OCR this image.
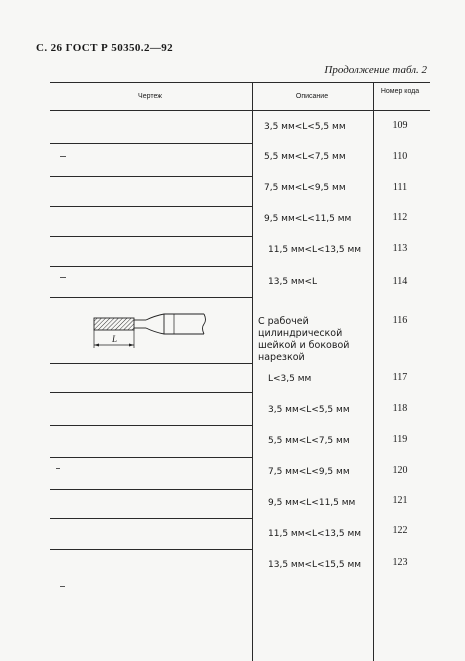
С. 26 ГОСТ Р 50350.2—92
Продолжение табл. 2
Чертеж	Описание
Номер кода
3,5 мм<L<5,5 мм
5,5 мм<L<7,5 мм
7,5 мм<L<9,5 мм
9,5 мм<L<11,5 мм
11,5 мм<L<13,5 мм
13,5 мм<L
С рабочей цилиндрической шейкой и боковой нарезкой
L<3,5 мм
3,5 мм<L<5,5 мм
5,5 мм<L<7,5 мм
7,5 мм<L<9,5 мм
9,5 мм<L<11,5 мм
11,5 мм<L<13,5 мм
13,5 мм<L<15,5 мм
109
110
111
112
113
114
116
117
118
119
120
121
122
123
L
